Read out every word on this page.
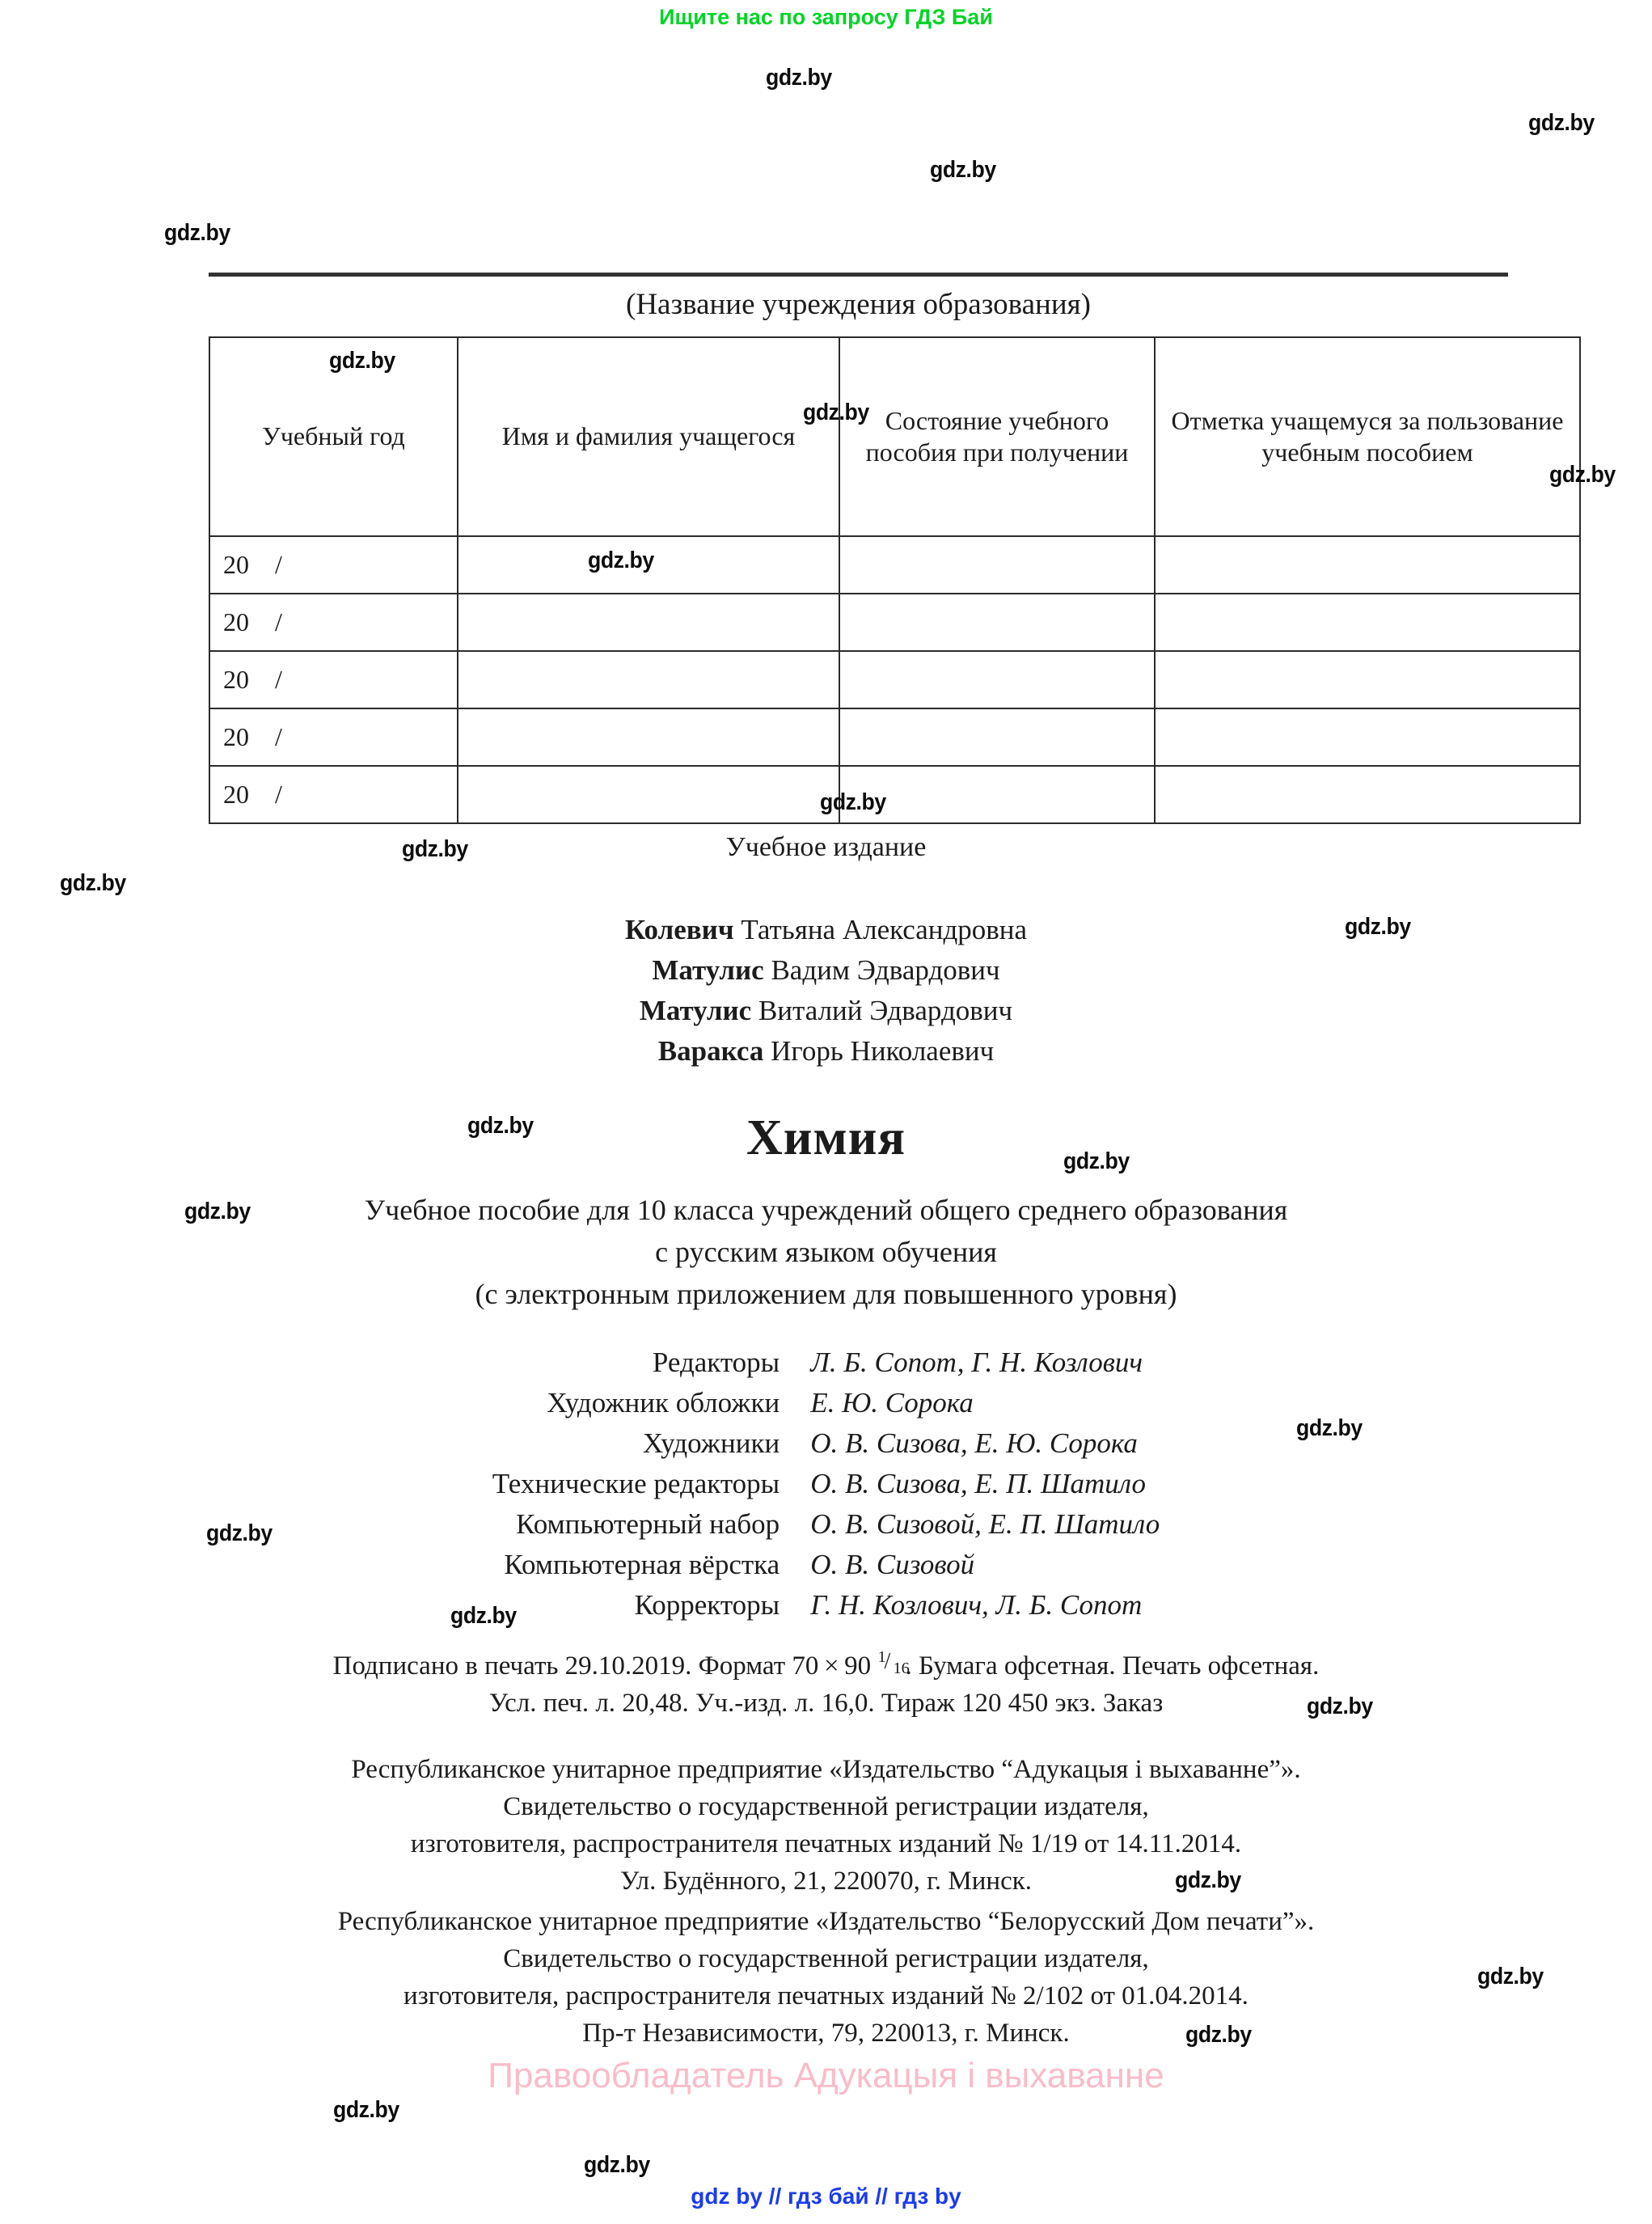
Ищите нас по запросу ГДЗ Бай
(Название учреждения образования)
Учебный год	Имя и фамилия учащегося	Состояние учебного пособия при получении	Отметка учащемуся за пользование учебным пособием
20    /			
20    /			
20    /			
20    /			
20    /			
Учебное издание
Колевич Татьяна Александровна
Матулис Вадим Эдвардович
Матулис Виталий Эдвардович
Варакса Игорь Николаевич
Химия
Учебное пособие для 10 класса учреждений общего среднего образования
с русским языком обучения
(с электронным приложением для повышенного уровня)
Редакторы	Л. Б. Сопот, Г. Н. Козлович
Художник обложки	Е. Ю. Сорока
Художники	О. В. Сизова, Е. Ю. Сорока
Технические редакторы	О. В. Сизова, Е. П. Шатило
Компьютерный набор	О. В. Сизовой, Е. П. Шатило
Компьютерная вёрстка	О. В. Сизовой
Корректоры	Г. Н. Козлович, Л. Б. Сопот
Подписано в печать 29.10.2019. Формат 70 × 90 1
/ 16
. Бумага офсетная. Печать офсетная.
Усл. печ. л. 20,48. Уч.-изд. л. 16,0. Тираж 120 450 экз. Заказ
Республиканское унитарное предприятие «Издательство “Адукацыя і выхаванне”».
Свидетельство о государственной регистрации издателя,
изготовителя, распространителя печатных изданий № 1/19 от 14.11.2014.
Ул. Будённого, 21, 220070, г. Минск.
Республиканское унитарное предприятие «Издательство “Белорусский Дом печати”».
Свидетельство о государственной регистрации издателя,
изготовителя, распространителя печатных изданий № 2/102 от 01.04.2014.
Пр-т Независимости, 79, 220013, г. Минск.
Правообладатель Адукацыя і выхаванне
gdz by // гдз бай // гдз by
gdz.by
gdz.by
gdz.by
gdz.by
gdz.by
gdz.by
gdz.by
gdz.by
gdz.by
gdz.by
gdz.by
gdz.by
gdz.by
gdz.by
gdz.by
gdz.by
gdz.by
gdz.by
gdz.by
gdz.by
gdz.by
gdz.by
gdz.by
gdz.by
